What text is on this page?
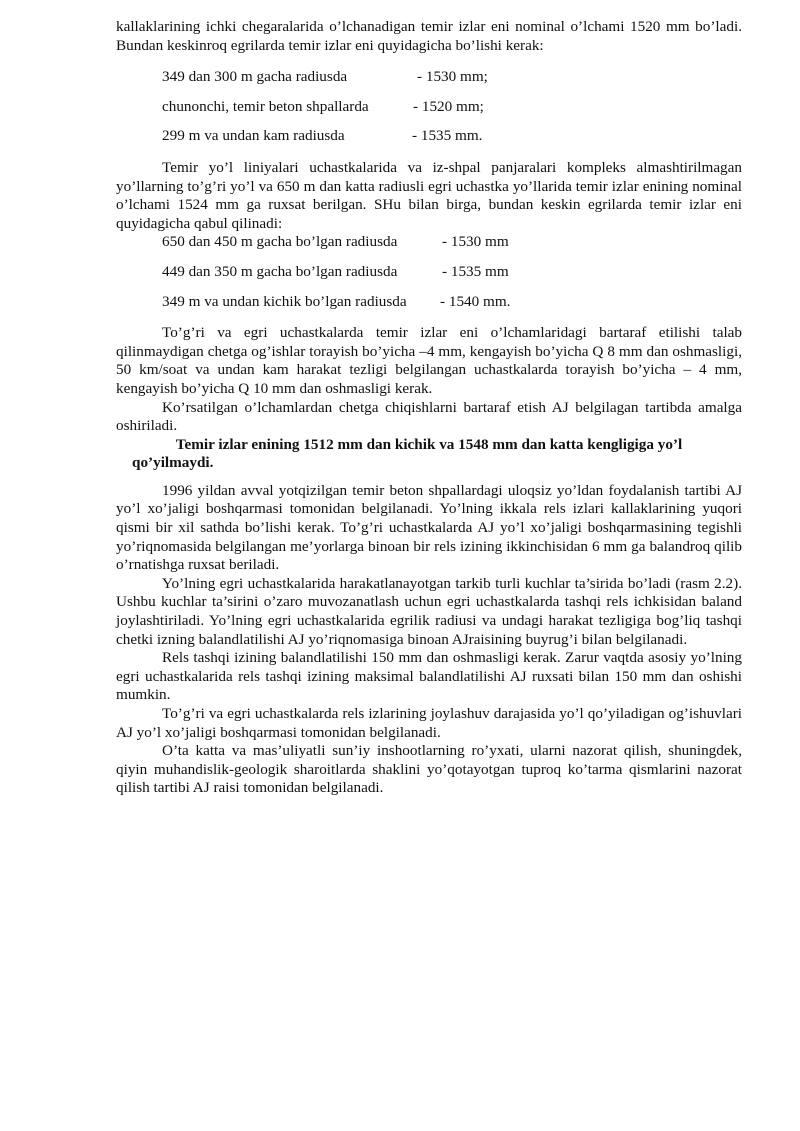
kallaklarining ichki chegaralarida o’lchanadigan temir izlar eni nominal o’lchami 1520 mm bo’ladi. Bundan keskinroq egrilarda temir izlar eni quyidagicha bo’lishi kerak:

349 dan 300 m gacha radiusda	- 1530 mm;
chunonchi, temir beton shpallarda	- 1520 mm;
299 m va undan kam radiusda	- 1535 mm.

Temir yo’l liniyalari uchastkalarida va iz-shpal panjaralari kompleks almashtirilmagan yo’llarning to’g’ri yo’l va 650 m dan katta radiusli egri uchastka yo’llarida temir izlar enining nominal o’lchami 1524 mm ga ruxsat berilgan. SHu bilan birga, bundan keskin egrilarda temir izlar eni quyidagicha qabul qilinadi:

650 dan 450 m gacha bo’lgan radiusda	- 1530 mm
449 dan 350 m gacha bo’lgan radiusda	- 1535 mm
349 m va undan kichik bo’lgan radiusda - 1540 mm.

To’g’ri va egri uchastkalarda temir izlar eni o’lchamlaridagi bartaraf etilishi talab qilinmaydigan chetga og’ishlar torayish bo’yicha –4 mm, kengayish bo’yicha Q 8 mm dan oshmasligi, 50 km/soat va undan kam harakat tezligi belgilangan uchastkalarda torayish bo’yicha – 4 mm, kengayish bo’yicha Q 10 mm dan oshmasligi kerak.

Ko’rsatilgan o’lchamlardan chetga chiqishlarni bartaraf etish AJ belgilagan tartibda amalga oshiriladi.

Temir izlar enining 1512 mm dan kichik va 1548 mm dan katta kengligiga yo’l
qo’yilmaydi.

1996 yildan avval yotqizilgan temir beton shpallardagi uloqsiz yo’ldan foydalanish tartibi AJ yo’l xo’jaligi boshqarmasi tomonidan belgilanadi. Yo’lning ikkala rels izlari kallaklarining yuqori qismi bir xil sathda bo’lishi kerak. To’g’ri uchastkalarda AJ yo’l xo’jaligi boshqarmasining tegishli yo’riqnomasida belgilangan me’yorlarga binoan bir rels izining ikkinchisidan 6 mm ga balandroq qilib o’rnatishga ruxsat beriladi.

Yo’lning egri uchastkalarida harakatlanayotgan tarkib turli kuchlar ta’sirida bo’ladi (rasm 2.2). Ushbu kuchlar ta’sirini o’zaro muvozanatlash uchun egri uchastkalarda tashqi rels ichkisidan baland joylashtiriladi. Yo’lning egri uchastkalarida egrilik radiusi va undagi harakat tezligiga bog’liq tashqi chetki izning balandlatilishi AJ yo’riqnomasiga binoan AJraisining buyrug’i bilan belgilanadi.

Rels tashqi izining balandlatilishi 150 mm dan oshmasligi kerak. Zarur vaqtda asosiy yo’lning egri uchastkalarida rels tashqi izining maksimal balandlatilishi AJ ruxsati bilan 150 mm dan oshishi mumkin.

To’g’ri va egri uchastkalarda rels izlarining joylashuv darajasida yo’l qo’yiladigan og’ishuvlari AJ yo’l xo’jaligi boshqarmasi tomonidan belgilanadi.

O’ta katta va mas’uliyatli sun’iy inshootlarning ro’yxati, ularni nazorat qilish, shuningdek, qiyin muhandislik-geologik sharoitlarda shaklini yo’qotayotgan tuproq ko’tarma qismlarini nazorat qilish tartibi AJ raisi tomonidan belgilanadi.
